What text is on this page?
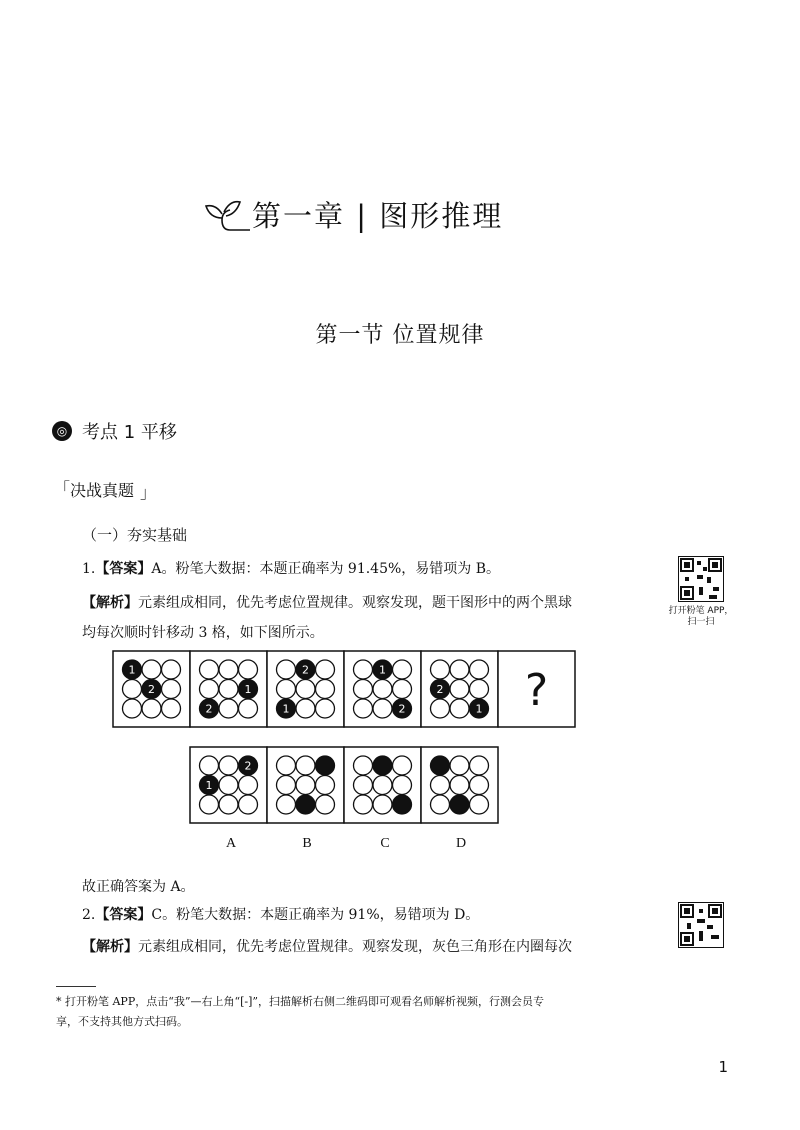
第一章 | 图形推理
第一节 位置规律
◎ 考点 1 平移
「 决战真题 」
（一）夯实基础
1.【答案】A。粉笔大数据：本题正确率为 91.45%，易错项为 B。
【解析】元素组成相同，优先考虑位置规律。观察发现，题干图形中的两个黑球
均每次顺时针移动 3 格，如下图所示。
打开粉笔 APP，
扫一扫
1
2	1
2
2
1
1
2
2
1 ?
2
1
A	B	C	D
故正确答案为 A。
2.【答案】C。粉笔大数据：本题正确率为 91%，易错项为 D。
【解析】元素组成相同，优先考虑位置规律。观察发现，灰色三角形在内圈每次
* 打开粉笔 APP，点击“我”—右上角“[-]”，扫描解析右侧二维码即可观看名师解析视频，行测会员专
享，不支持其他方式扫码。
1
